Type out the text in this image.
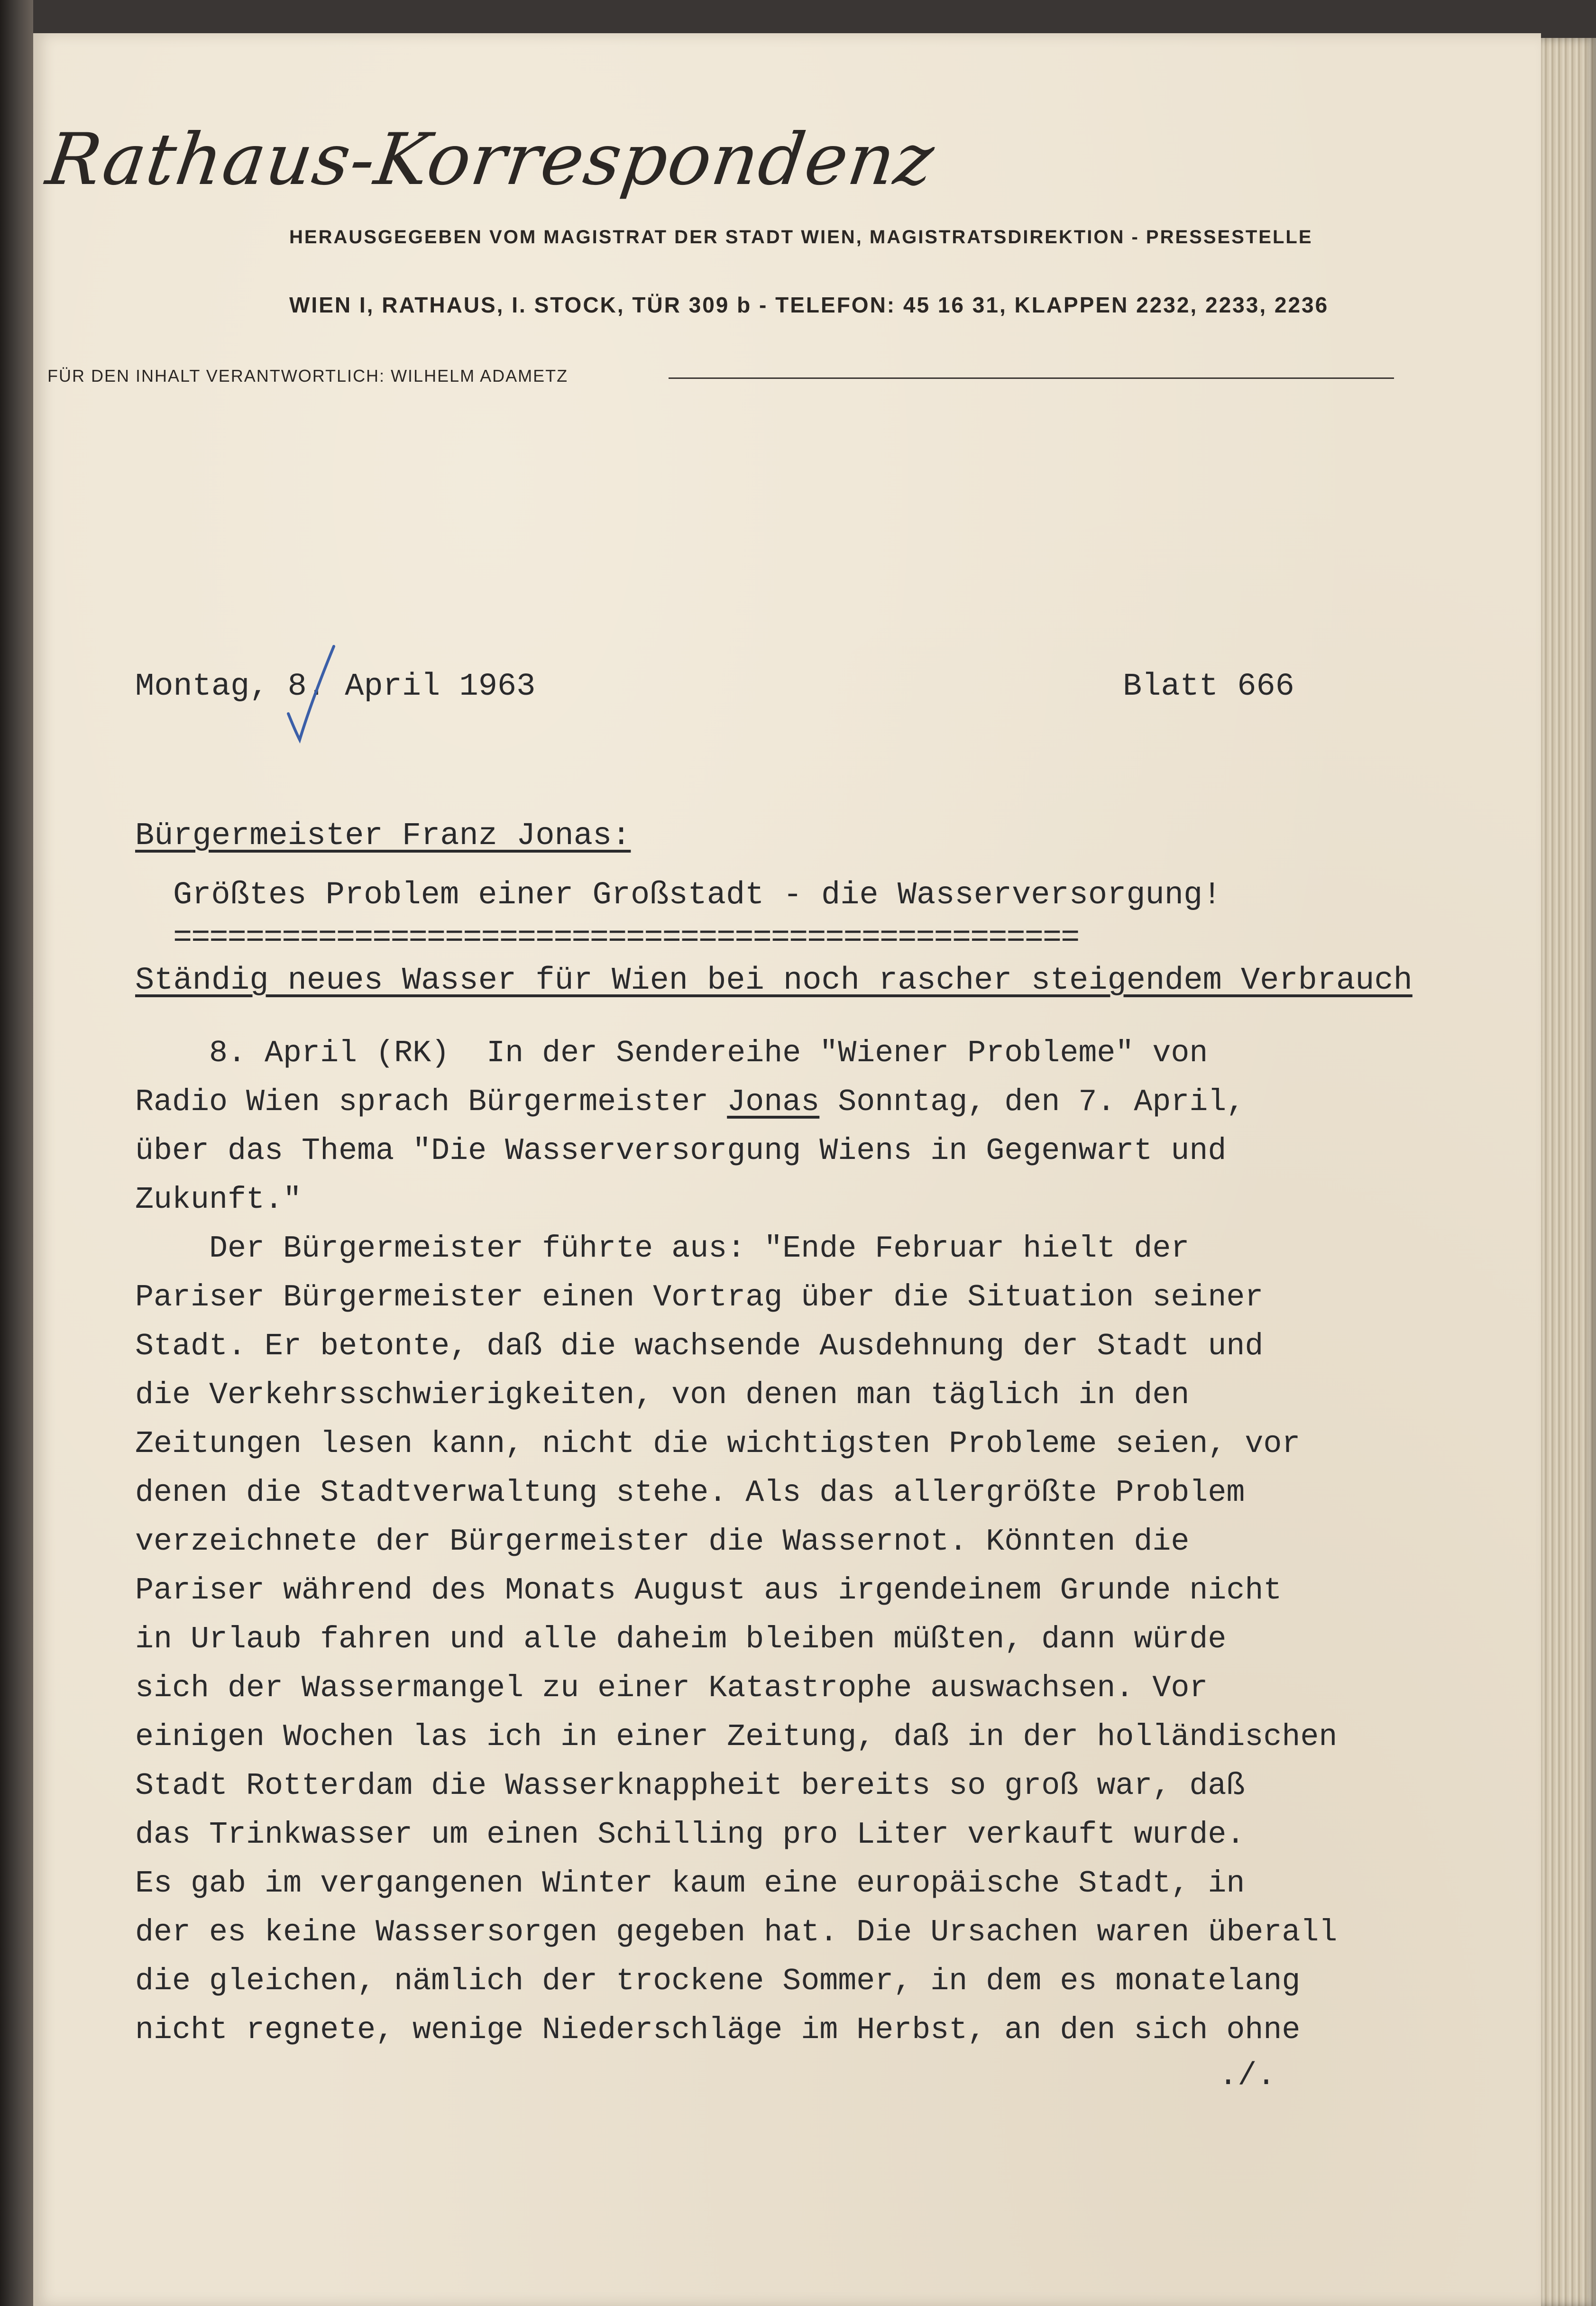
Rathaus-Korrespondenz
HERAUSGEGEBEN VOM MAGISTRAT DER STADT WIEN, MAGISTRATSDIREKTION - PRESSESTELLE
WIEN I, RATHAUS, I. STOCK, TÜR 309 b - TELEFON: 45 16 31, KLAPPEN 2232, 2233, 2236
FÜR DEN INHALT VERANTWORTLICH: WILHELM ADAMETZ
Montag, 8. April 1963	Blatt 666
Bürgermeister Franz Jonas:
Größtes Problem einer Großstadt - die Wasserversorgung!
==================================================
Ständig neues Wasser für Wien bei noch rascher steigendem Verbrauch
8. April (RK)  In der Sendereihe "Wiener Probleme" von
Radio Wien sprach Bürgermeister Jonas Sonntag, den 7. April,
über das Thema "Die Wasserversorgung Wiens in Gegenwart und
Zukunft."
Der Bürgermeister führte aus: "Ende Februar hielt der
Pariser Bürgermeister einen Vortrag über die Situation seiner
Stadt. Er betonte, daß die wachsende Ausdehnung der Stadt und
die Verkehrsschwierigkeiten, von denen man täglich in den
Zeitungen lesen kann, nicht die wichtigsten Probleme seien, vor
denen die Stadtverwaltung stehe. Als das allergrößte Problem
verzeichnete der Bürgermeister die Wassernot. Könnten die
Pariser während des Monats August aus irgendeinem Grunde nicht
in Urlaub fahren und alle daheim bleiben müßten, dann würde
sich der Wassermangel zu einer Katastrophe auswachsen. Vor
einigen Wochen las ich in einer Zeitung, daß in der holländischen
Stadt Rotterdam die Wasserknappheit bereits so groß war, daß
das Trinkwasser um einen Schilling pro Liter verkauft wurde.
Es gab im vergangenen Winter kaum eine europäische Stadt, in
der es keine Wassersorgen gegeben hat. Die Ursachen waren überall
die gleichen, nämlich der trockene Sommer, in dem es monatelang
nicht regnete, wenige Niederschläge im Herbst, an den sich ohne
./.
